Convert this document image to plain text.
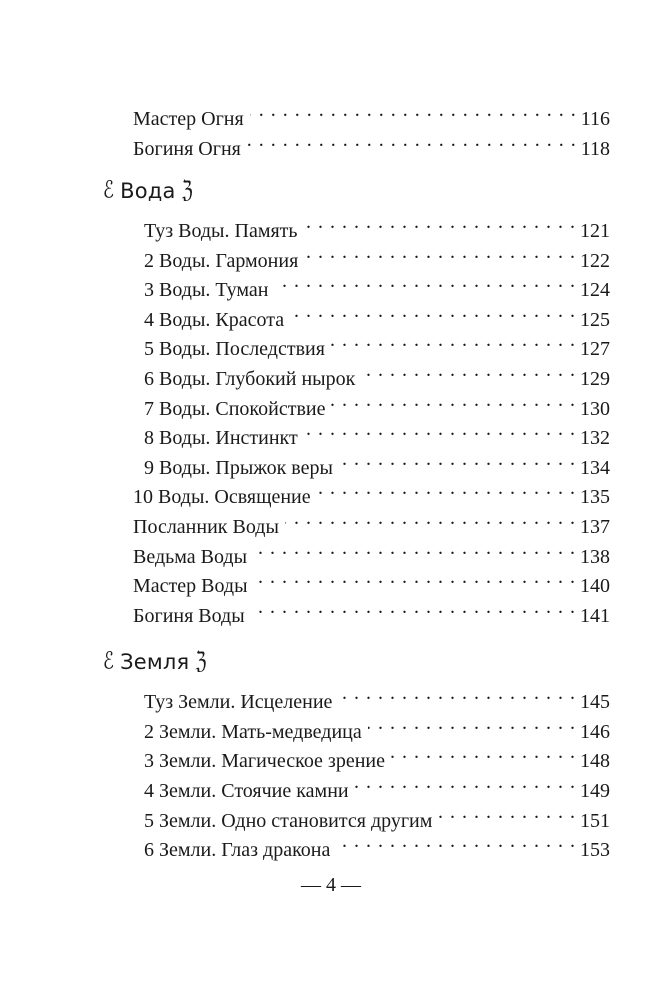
Мастер Огня . . .	116
Богиня Огня . . .	118
ℰ Вода ℨ
Туз Воды. Память . . .	121
2 Воды. Гармония . . .	122
3 Воды. Туман . . .	124
4 Воды. Красота . . .	125
5 Воды. Последствия . . .	127
6 Воды. Глубокий нырок . . .	129
7 Воды. Спокойствие . . .	130
8 Воды. Инстинкт . . .	132
9 Воды. Прыжок веры . . .	134
10 Воды. Освящение . . .	135
Посланник Воды . . .	137
Ведьма Воды . . .	138
Мастер Воды . . .	140
Богиня Воды . . .	141
ℰ Земля ℨ
Туз Земли. Исцеление . . .	145
2 Земли. Мать-медведица . . .	146
3 Земли. Магическое зрение . . .	148
4 Земли. Стоячие камни . . .	149
5 Земли. Одно становится другим . . .	151
6 Земли. Глаз дракона . . .	153
— 4 —
